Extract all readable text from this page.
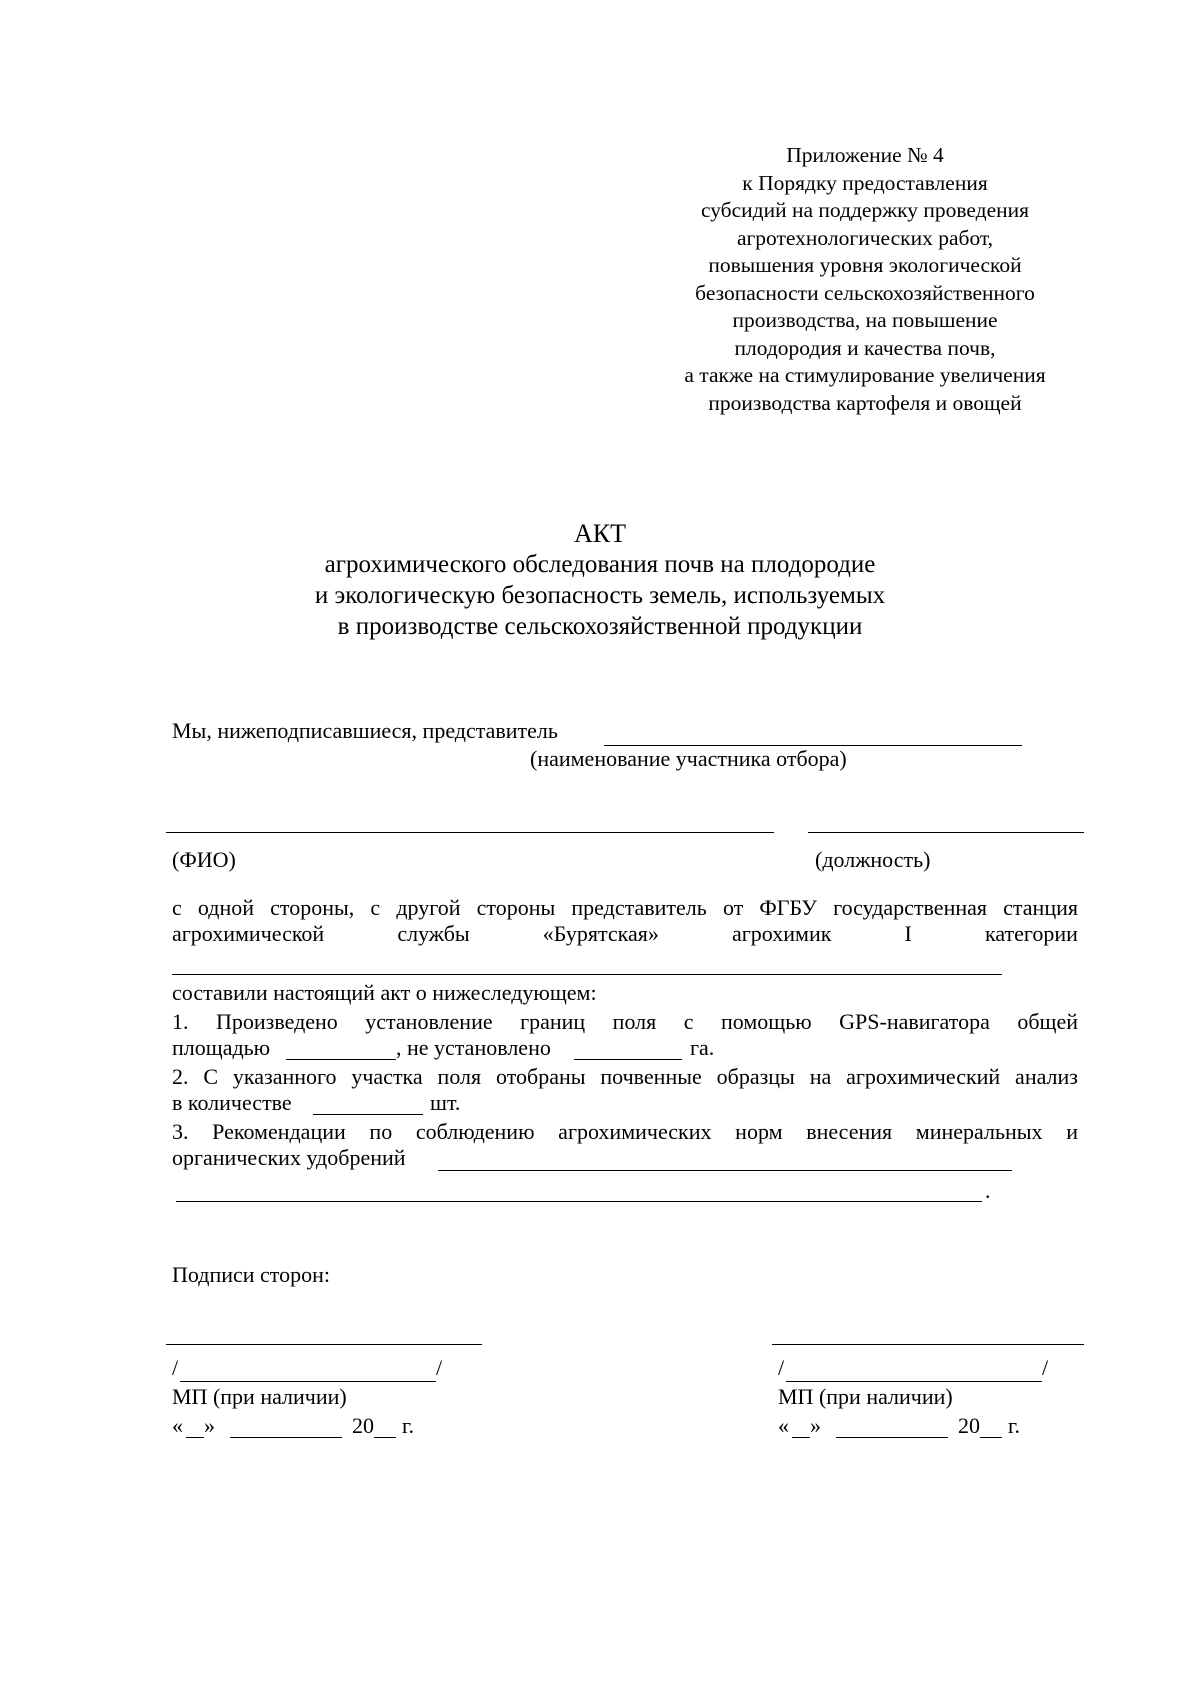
Приложение № 4
к Порядку предоставления
субсидий на поддержку проведения
агротехнологических работ,
повышения уровня экологической
безопасности сельскохозяйственного
производства, на повышение
плодородия и качества почв,
а также на стимулирование увеличения
производства картофеля и овощей
АКТ
агрохимического обследования почв на плодородие
и экологическую безопасность земель, используемых
в производстве сельскохозяйственной продукции
Мы, нижеподписавшиеся, представитель
(наименование участника отбора)
(ФИО)	(должность)
с одной стороны, с другой стороны представитель от ФГБУ государственная станция
агрохимической	службы	«Бурятская»	агрохимик	I	категории
составили настоящий акт о нижеследующем:
1. Произведено установление границ поля с помощью GPS-навигатора общей
площадью	, не установлено	га.
2. С указанного участка поля отобраны почвенные образцы на агрохимический анализ
в количестве	шт.
3. Рекомендации по соблюдению агрохимических норм внесения минеральных и
органических удобрений
.
Подписи сторон:
/	/
МП (при наличии)
« »	20 г.
/	/
МП (при наличии)
« »	20 г.
